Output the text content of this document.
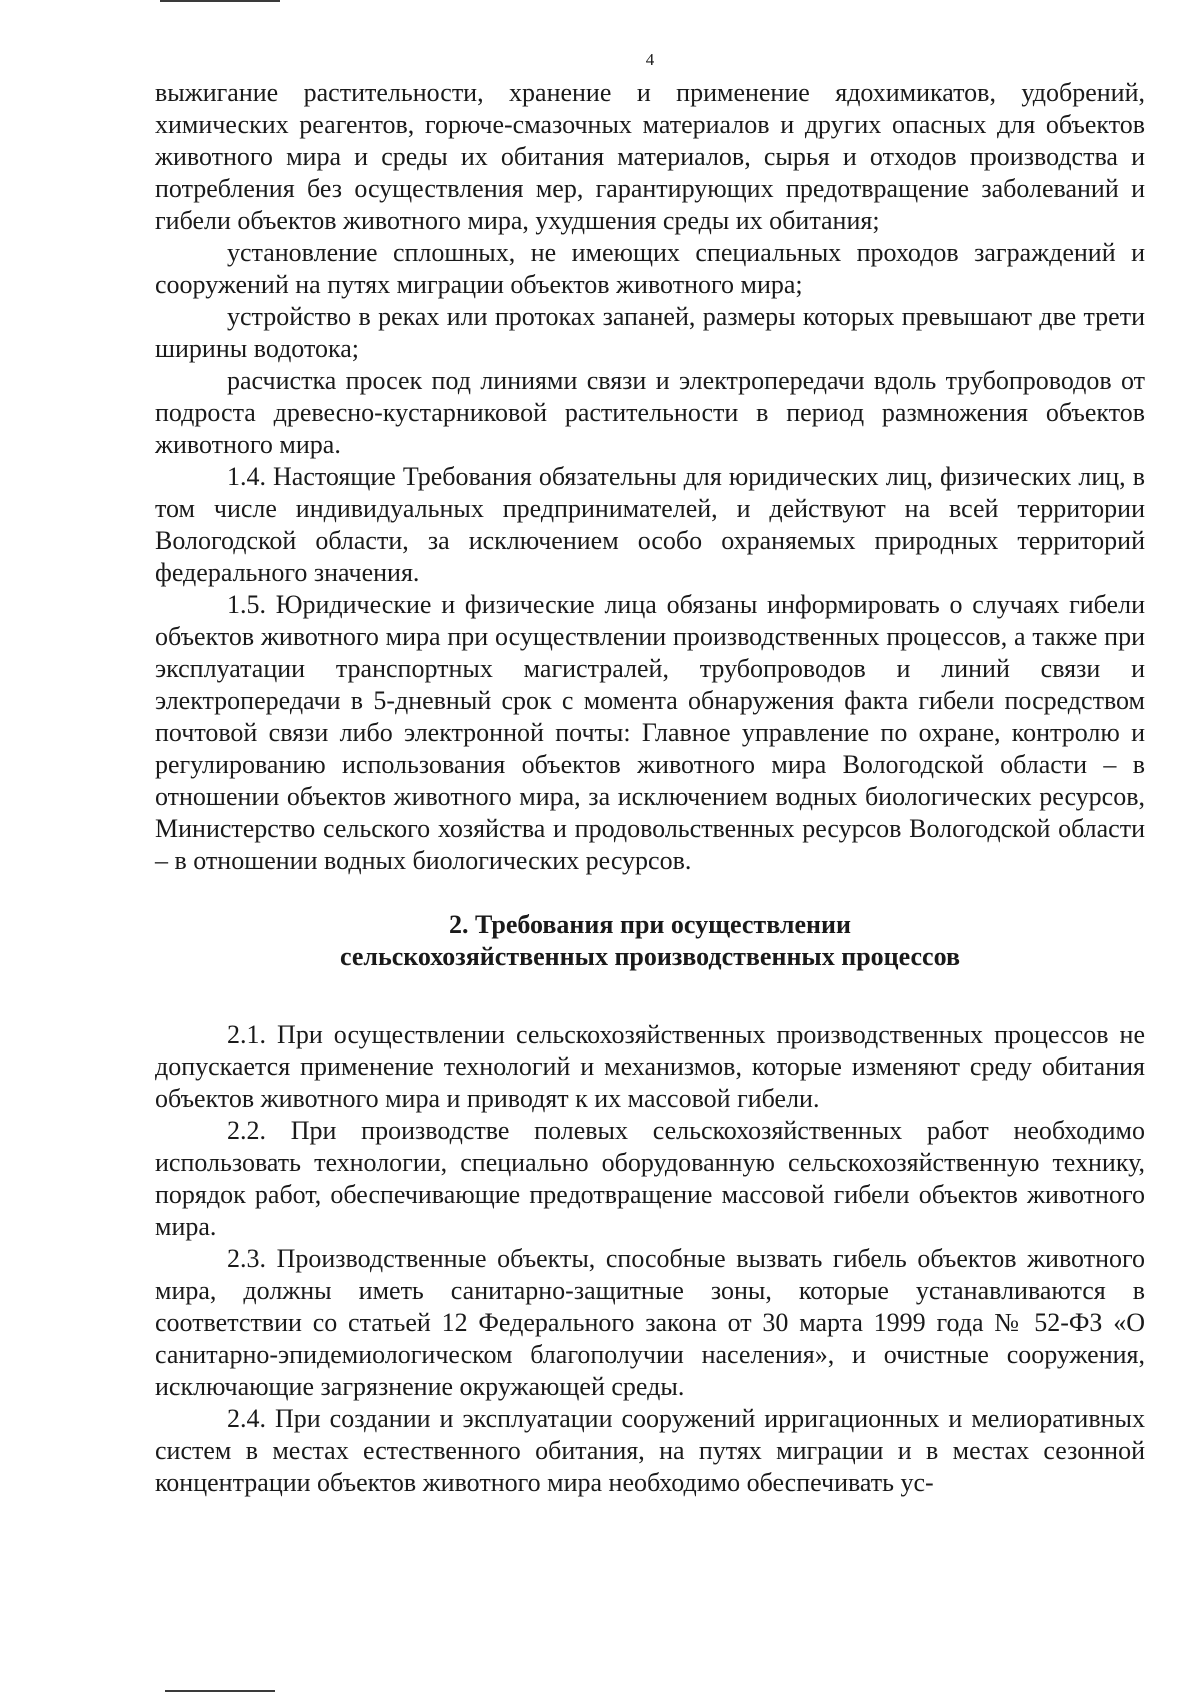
4

выжигание растительности, хранение и применение ядохимикатов, удобрений, химических реагентов, горюче-смазочных материалов и других опасных для объектов животного мира и среды их обитания материалов, сырья и отходов производства и потребления без осуществления мер, гарантирующих предотвращение заболеваний и гибели объектов животного мира, ухудшения среды их обитания;

установление сплошных, не имеющих специальных проходов заграждений и сооружений на путях миграции объектов животного мира;

устройство в реках или протоках запаней, размеры которых превышают две трети ширины водотока;

расчистка просек под линиями связи и электропередачи вдоль трубопроводов от подроста древесно-кустарниковой растительности в период размножения объектов животного мира.

1.4. Настоящие Требования обязательны для юридических лиц, физических лиц, в том числе индивидуальных предпринимателей, и действуют на всей территории Вологодской области, за исключением особо охраняемых природных территорий федерального значения.

1.5. Юридические и физические лица обязаны информировать о случаях гибели объектов животного мира при осуществлении производственных процессов, а также при эксплуатации транспортных магистралей, трубопроводов и линий связи и электропередачи в 5-дневный срок с момента обнаружения факта гибели посредством почтовой связи либо электронной почты: Главное управление по охране, контролю и регулированию использования объектов животного мира Вологодской области – в отношении объектов животного мира, за исключением водных биологических ресурсов, Министерство сельского хозяйства и продовольственных ресурсов Вологодской области – в отношении водных биологических ресурсов.

2. Требования при осуществлении
сельскохозяйственных производственных процессов

2.1. При осуществлении сельскохозяйственных производственных процессов не допускается применение технологий и механизмов, которые изменяют среду обитания объектов животного мира и приводят к их массовой гибели.

2.2. При производстве полевых сельскохозяйственных работ необходимо использовать технологии, специально оборудованную сельскохозяйственную технику, порядок работ, обеспечивающие предотвращение массовой гибели объектов животного мира.

2.3. Производственные объекты, способные вызвать гибель объектов животного мира, должны иметь санитарно-защитные зоны, которые устанавливаются в соответствии со статьей 12 Федерального закона от 30 марта 1999 года № 52-ФЗ «О санитарно-эпидемиологическом благополучии населения», и очистные сооружения, исключающие загрязнение окружающей среды.

2.4. При создании и эксплуатации сооружений ирригационных и мелиоративных систем в местах естественного обитания, на путях миграции и в местах сезонной концентрации объектов животного мира необходимо обеспечивать ус-
